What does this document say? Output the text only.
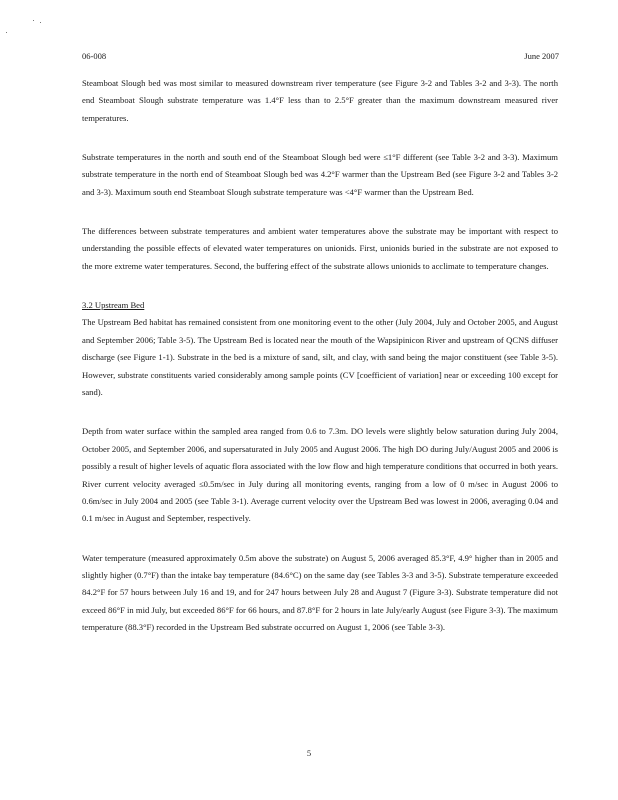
06-008	June 2007

Steamboat Slough bed was most similar to measured downstream river temperature (see Figure 3-2 and Tables 3-2 and 3-3). The north end Steamboat Slough substrate temperature was 1.4°F less than to 2.5°F greater than the maximum downstream measured river temperatures.

Substrate temperatures in the north and south end of the Steamboat Slough bed were ≤1°F different (see Table 3-2 and 3-3). Maximum substrate temperature in the north end of Steamboat Slough bed was 4.2°F warmer than the Upstream Bed (see Figure 3-2 and Tables 3-2 and 3-3). Maximum south end Steamboat Slough substrate temperature was <4°F warmer than the Upstream Bed.

The differences between substrate temperatures and ambient water temperatures above the substrate may be important with respect to understanding the possible effects of elevated water temperatures on unionids. First, unionids buried in the substrate are not exposed to the more extreme water temperatures. Second, the buffering effect of the substrate allows unionids to acclimate to temperature changes.

3.2 Upstream Bed

The Upstream Bed habitat has remained consistent from one monitoring event to the other (July 2004, July and October 2005, and August and September 2006; Table 3-5). The Upstream Bed is located near the mouth of the Wapsipinicon River and upstream of QCNS diffuser discharge (see Figure 1-1). Substrate in the bed is a mixture of sand, silt, and clay, with sand being the major constituent (see Table 3-5). However, substrate constituents varied considerably among sample points (CV [coefficient of variation] near or exceeding 100 except for sand).

Depth from water surface within the sampled area ranged from 0.6 to 7.3m. DO levels were slightly below saturation during July 2004, October 2005, and September 2006, and supersaturated in July 2005 and August 2006. The high DO during July/August 2005 and 2006 is possibly a result of higher levels of aquatic flora associated with the low flow and high temperature conditions that occurred in both years. River current velocity averaged ≤0.5m/sec in July during all monitoring events, ranging from a low of 0 m/sec in August 2006 to 0.6m/sec in July 2004 and 2005 (see Table 3-1). Average current velocity over the Upstream Bed was lowest in 2006, averaging 0.04 and 0.1 m/sec in August and September, respectively.

Water temperature (measured approximately 0.5m above the substrate) on August 5, 2006 averaged 85.3°F, 4.9° higher than in 2005 and slightly higher (0.7°F) than the intake bay temperature (84.6°C) on the same day (see Tables 3-3 and 3-5). Substrate temperature exceeded 84.2°F for 57 hours between July 16 and 19, and for 247 hours between July 28 and August 7 (Figure 3-3). Substrate temperature did not exceed 86°F in mid July, but exceeded 86°F for 66 hours, and 87.8°F for 2 hours in late July/early August (see Figure 3-3). The maximum temperature (88.3°F) recorded in the Upstream Bed substrate occurred on August 1, 2006 (see Table 3-3).

5
